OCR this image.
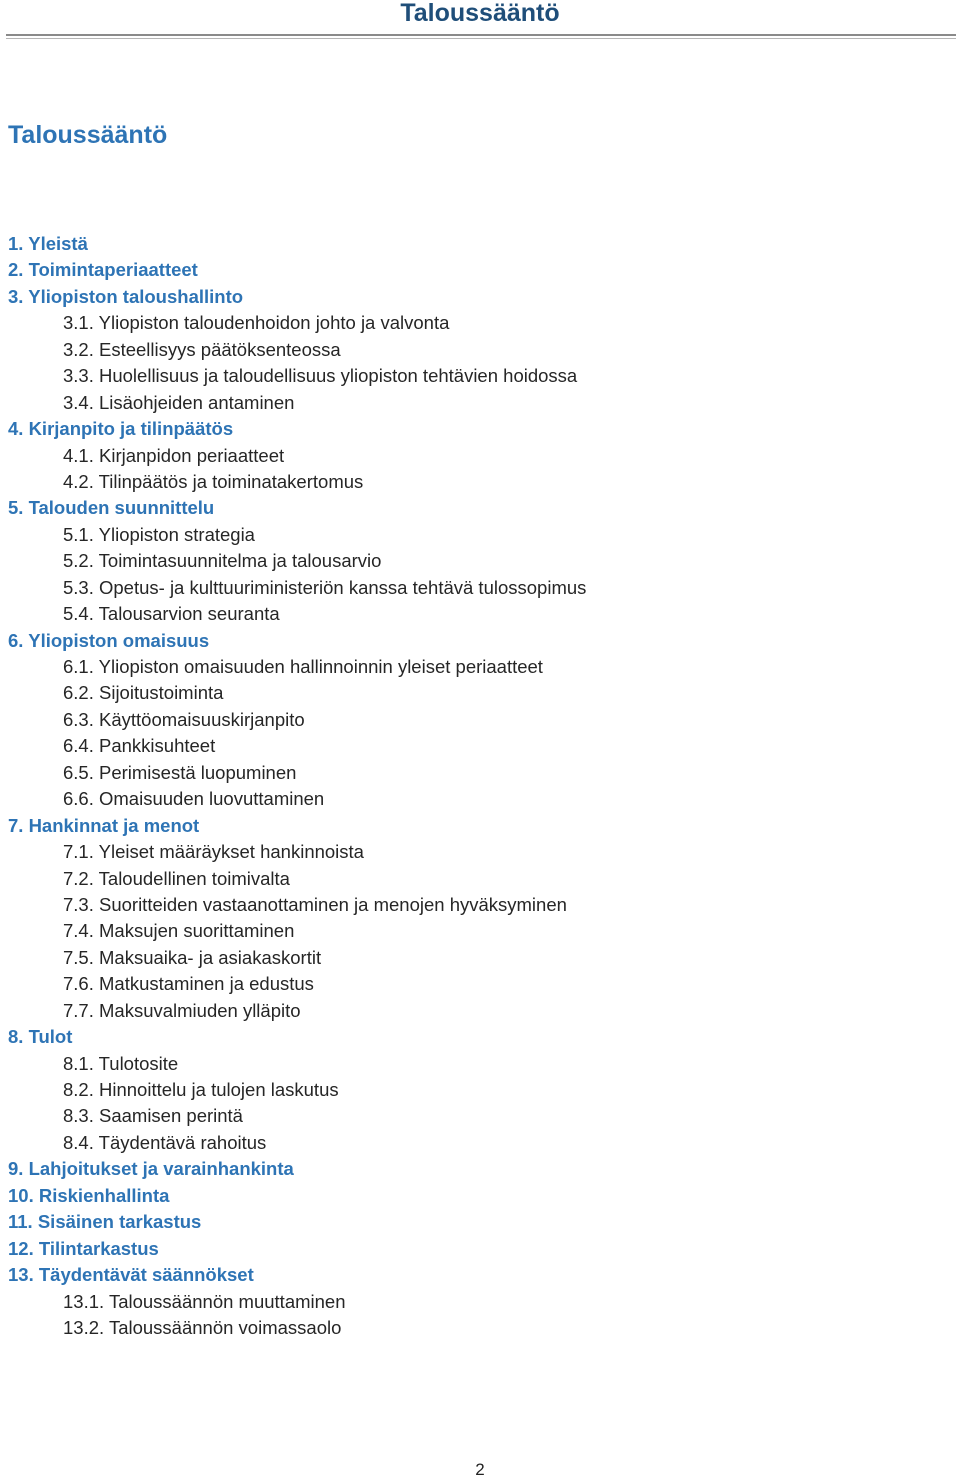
Taloussääntö
Taloussääntö
1. Yleistä
2. Toimintaperiaatteet
3. Yliopiston taloushallinto
3.1. Yliopiston taloudenhoidon johto ja valvonta
3.2. Esteellisyys päätöksenteossa
3.3. Huolellisuus ja taloudellisuus yliopiston tehtävien hoidossa
3.4. Lisäohjeiden antaminen
4. Kirjanpito ja tilinpäätös
4.1. Kirjanpidon periaatteet
4.2. Tilinpäätös ja toiminatakertomus
5. Talouden suunnittelu
5.1. Yliopiston strategia
5.2. Toimintasuunnitelma ja talousarvio
5.3. Opetus- ja kulttuuriministeriön kanssa tehtävä tulossopimus
5.4. Talousarvion seuranta
6. Yliopiston omaisuus
6.1. Yliopiston omaisuuden hallinnoinnin yleiset periaatteet
6.2. Sijoitustoiminta
6.3. Käyttöomaisuuskirjanpito
6.4. Pankkisuhteet
6.5. Perimisestä luopuminen
6.6. Omaisuuden luovuttaminen
7. Hankinnat ja menot
7.1. Yleiset määräykset hankinnoista
7.2. Taloudellinen toimivalta
7.3. Suoritteiden vastaanottaminen ja menojen hyväksyminen
7.4. Maksujen suorittaminen
7.5. Maksuaika- ja asiakaskortit
7.6. Matkustaminen ja edustus
7.7. Maksuvalmiuden ylläpito
8. Tulot
8.1. Tulotosite
8.2. Hinnoittelu ja tulojen laskutus
8.3. Saamisen perintä
8.4. Täydentävä rahoitus
9. Lahjoitukset ja varainhankinta
10. Riskienhallinta
11. Sisäinen tarkastus
12. Tilintarkastus
13. Täydentävät säännökset
13.1. Taloussäännön muuttaminen
13.2. Taloussäännön voimassaolo
2
